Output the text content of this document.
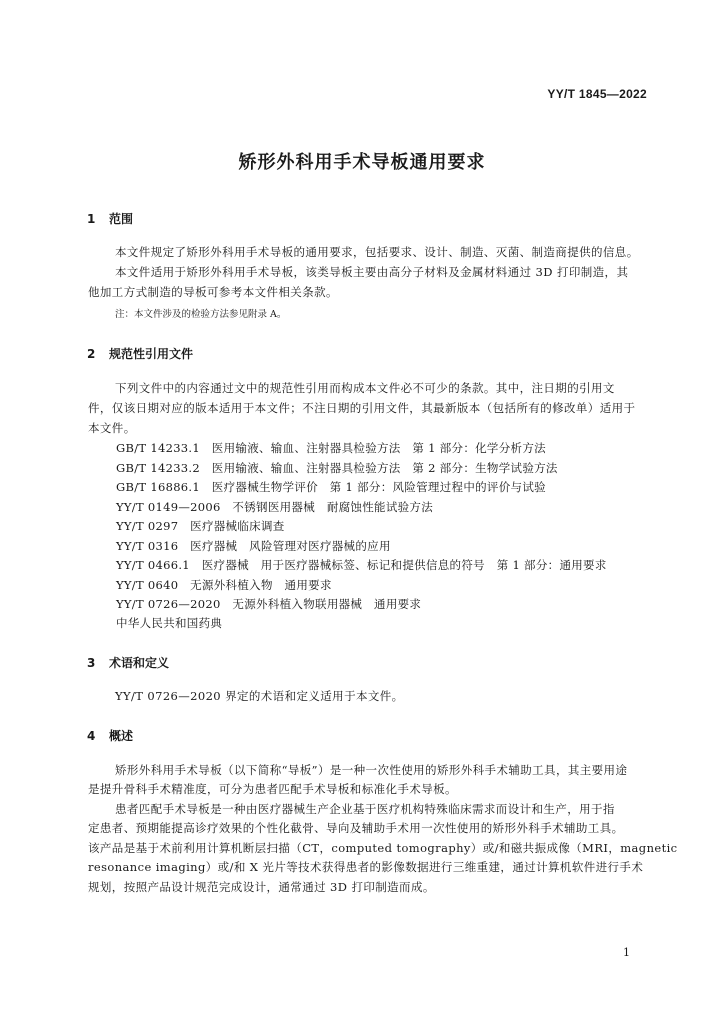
YY/T 1845—2022
矫形外科用手术导板通用要求
1 范围
本文件规定了矫形外科用手术导板的通用要求，包括要求、设计、制造、灭菌、制造商提供的信息。
本文件适用于矫形外科用手术导板，该类导板主要由高分子材料及金属材料通过 3D 打印制造，其
他加工方式制造的导板可参考本文件相关条款。
注：本文件涉及的检验方法参见附录 A。
2 规范性引用文件
下列文件中的内容通过文中的规范性引用而构成本文件必不可少的条款。其中，注日期的引用文
件，仅该日期对应的版本适用于本文件；不注日期的引用文件，其最新版本（包括所有的修改单）适用于
本文件。
GB/T 14233.1　医用输液、输血、注射器具检验方法　第 1 部分：化学分析方法
GB/T 14233.2　医用输液、输血、注射器具检验方法　第 2 部分：生物学试验方法
GB/T 16886.1　医疗器械生物学评价　第 1 部分：风险管理过程中的评价与试验
YY/T 0149—2006　不锈钢医用器械　耐腐蚀性能试验方法
YY/T 0297　医疗器械临床调查
YY/T 0316　医疗器械　风险管理对医疗器械的应用
YY/T 0466.1　医疗器械　用于医疗器械标签、标记和提供信息的符号　第 1 部分：通用要求
YY/T 0640　无源外科植入物　通用要求
YY/T 0726—2020　无源外科植入物联用器械　通用要求
中华人民共和国药典
3 术语和定义
YY/T 0726—2020 界定的术语和定义适用于本文件。
4 概述
矫形外科用手术导板（以下简称“导板”）是一种一次性使用的矫形外科手术辅助工具，其主要用途
是提升骨科手术精准度，可分为患者匹配手术导板和标准化手术导板。
患者匹配手术导板是一种由医疗器械生产企业基于医疗机构特殊临床需求而设计和生产，用于指
定患者、预期能提高诊疗效果的个性化截骨、导向及辅助手术用一次性使用的矫形外科手术辅助工具。
该产品是基于术前利用计算机断层扫描（CT，computed tomography）或/和磁共振成像（MRI，magnetic
resonance imaging）或/和 X 光片等技术获得患者的影像数据进行三维重建，通过计算机软件进行手术
规划，按照产品设计规范完成设计，通常通过 3D 打印制造而成。
1
